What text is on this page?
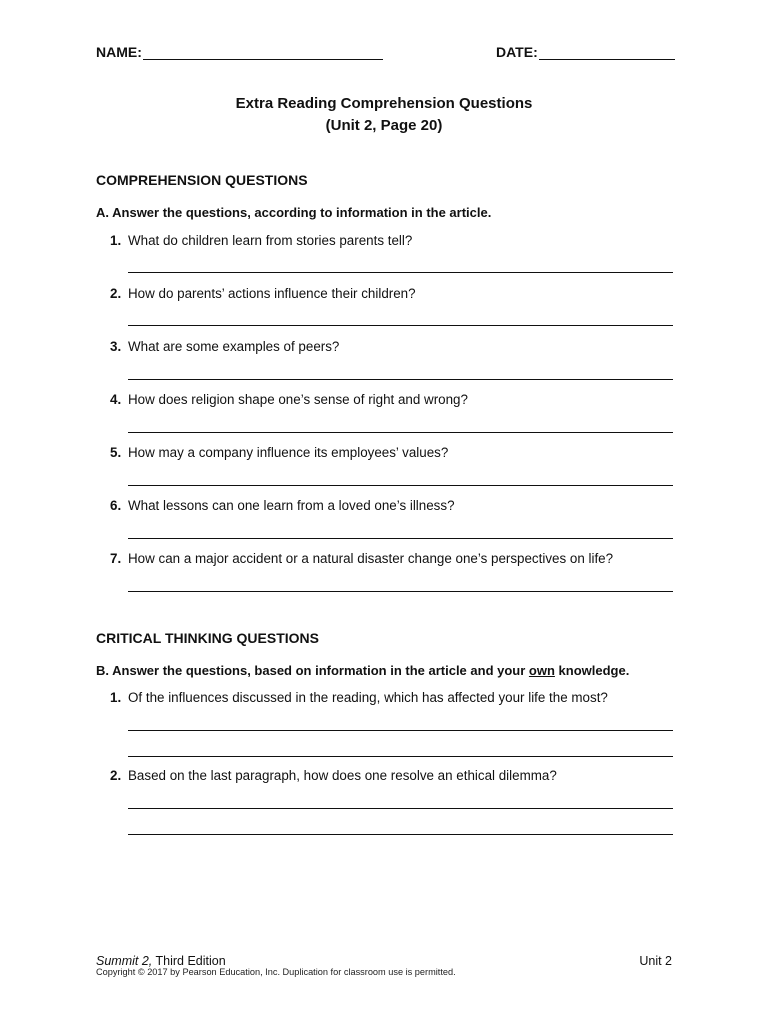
NAME:	DATE:
Extra Reading Comprehension Questions
(Unit 2, Page 20)
COMPREHENSION QUESTIONS
A. Answer the questions, according to information in the article.
1. What do children learn from stories parents tell?
2. How do parents’ actions influence their children?
3. What are some examples of peers?
4. How does religion shape one’s sense of right and wrong?
5. How may a company influence its employees’ values?
6. What lessons can one learn from a loved one’s illness?
7. How can a major accident or a natural disaster change one’s perspectives on life?
CRITICAL THINKING QUESTIONS
B. Answer the questions, based on information in the article and your own knowledge.
1. Of the influences discussed in the reading, which has affected your life the most?
2. Based on the last paragraph, how does one resolve an ethical dilemma?
Summit 2, Third Edition
Copyright © 2017 by Pearson Education, Inc. Duplication for classroom use is permitted.
Unit 2
